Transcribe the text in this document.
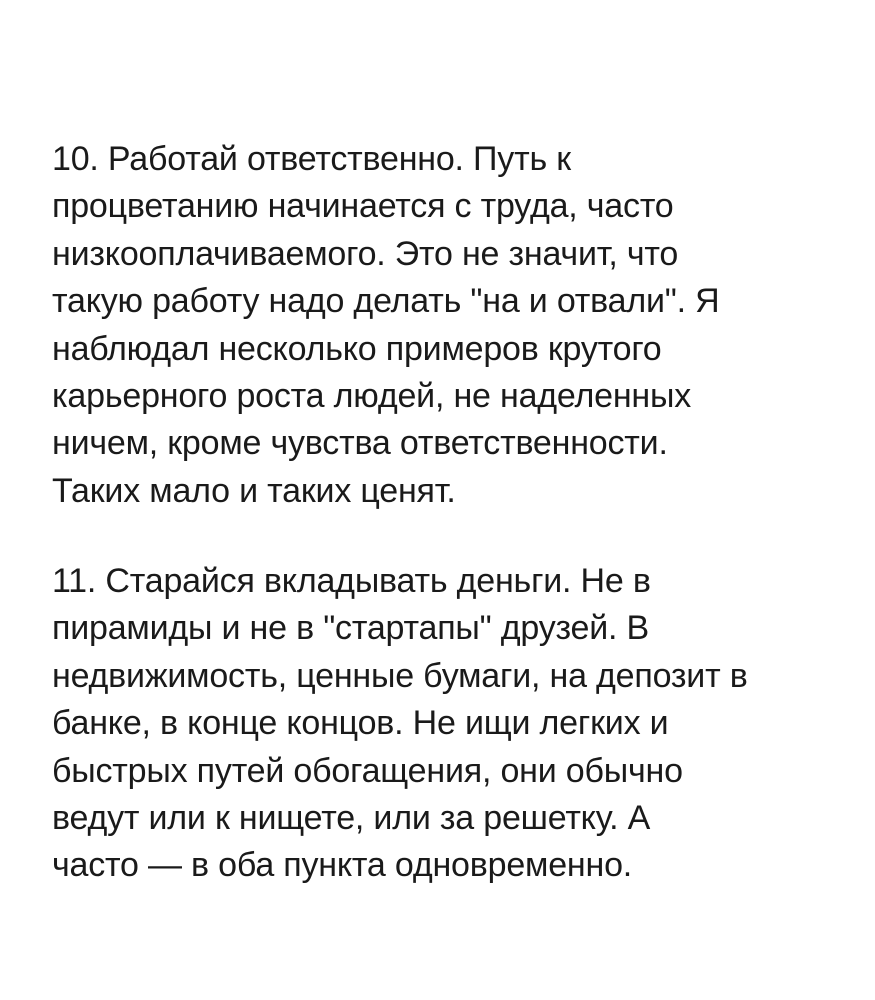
10. Работай ответственно. Путь к
процветанию начинается с труда, часто
низкооплачиваемого. Это не значит, что
такую работу надо делать "на и отвали". Я
наблюдал несколько примеров крутого
карьерного роста людей, не наделенных
ничем, кроме чувства ответственности.
Таких мало и таких ценят.

11. Старайся вкладывать деньги. Не в
пирамиды и не в "стартапы" друзей. В
недвижимость, ценные бумаги, на депозит в
банке, в конце концов. Не ищи легких и
быстрых путей обогащения, они обычно
ведут или к нищете, или за решетку. А
часто — в оба пункта одновременно.
